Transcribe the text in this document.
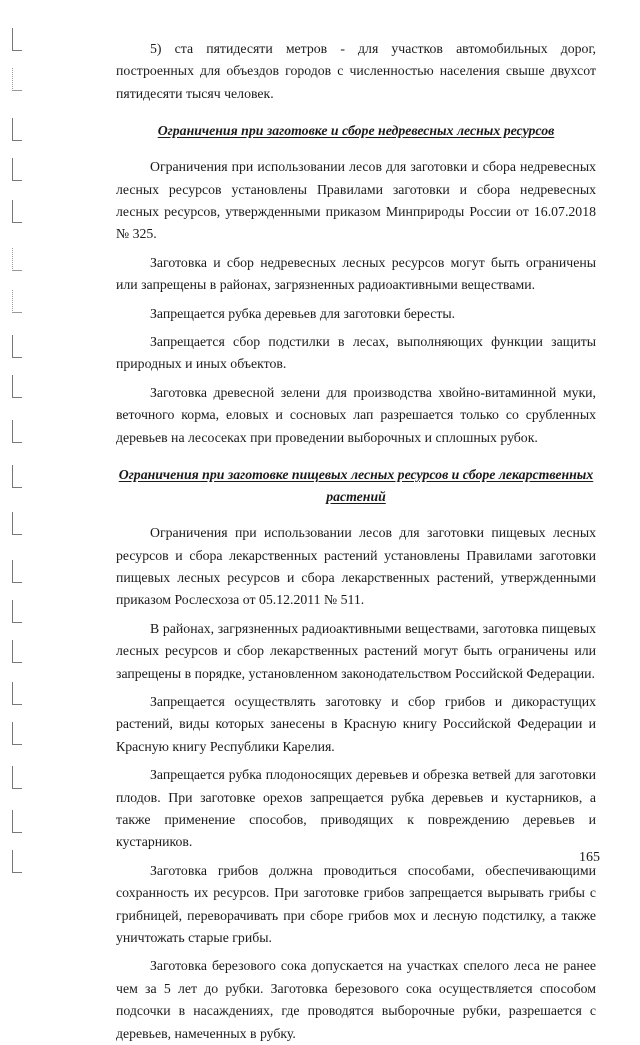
5) ста пятидесяти метров - для участков автомобильных дорог, построенных для объездов городов с численностью населения свыше двухсот пятидесяти тысяч человек.

Ограничения при заготовке и сборе недревесных лесных ресурсов

Ограничения при использовании лесов для заготовки и сбора недревесных лесных ресурсов установлены Правилами заготовки и сбора недревесных лесных ресурсов, утвержденными приказом Минприроды России от 16.07.2018 № 325.

Заготовка и сбор недревесных лесных ресурсов могут быть ограничены или запрещены в районах, загрязненных радиоактивными веществами.

Запрещается рубка деревьев для заготовки бересты.

Запрещается сбор подстилки в лесах, выполняющих функции защиты природных и иных объектов.

Заготовка древесной зелени для производства хвойно-витаминной муки, веточного корма, еловых и сосновых лап разрешается только со срубленных деревьев на лесосеках при проведении выборочных и сплошных рубок.

Ограничения при заготовке пищевых лесных ресурсов и сборе лекарственных растений

Ограничения при использовании лесов для заготовки пищевых лесных ресурсов и сбора лекарственных растений установлены Правилами заготовки пищевых лесных ресурсов и сбора лекарственных растений, утвержденными приказом Рослесхоза от 05.12.2011 № 511.

В районах, загрязненных радиоактивными веществами, заготовка пищевых лесных ресурсов и сбор лекарственных растений могут быть ограничены или запрещены в порядке, установленном законодательством Российской Федерации.

Запрещается осуществлять заготовку и сбор грибов и дикорастущих растений, виды которых занесены в Красную книгу Российской Федерации и Красную книгу Республики Карелия.

Запрещается рубка плодоносящих деревьев и обрезка ветвей для заготовки плодов. При заготовке орехов запрещается рубка деревьев и кустарников, а также применение способов, приводящих к повреждению деревьев и кустарников.

Заготовка грибов должна проводиться способами, обеспечивающими сохранность их ресурсов. При заготовке грибов запрещается вырывать грибы с грибницей, переворачивать при сборе грибов мох и лесную подстилку, а также уничтожать старые грибы.

Заготовка березового сока допускается на участках спелого леса не ранее чем за 5 лет до рубки. Заготовка березового сока осуществляется способом подсочки в насаждениях, где проводятся выборочные рубки, разрешается с деревьев, намеченных в рубку.

165
